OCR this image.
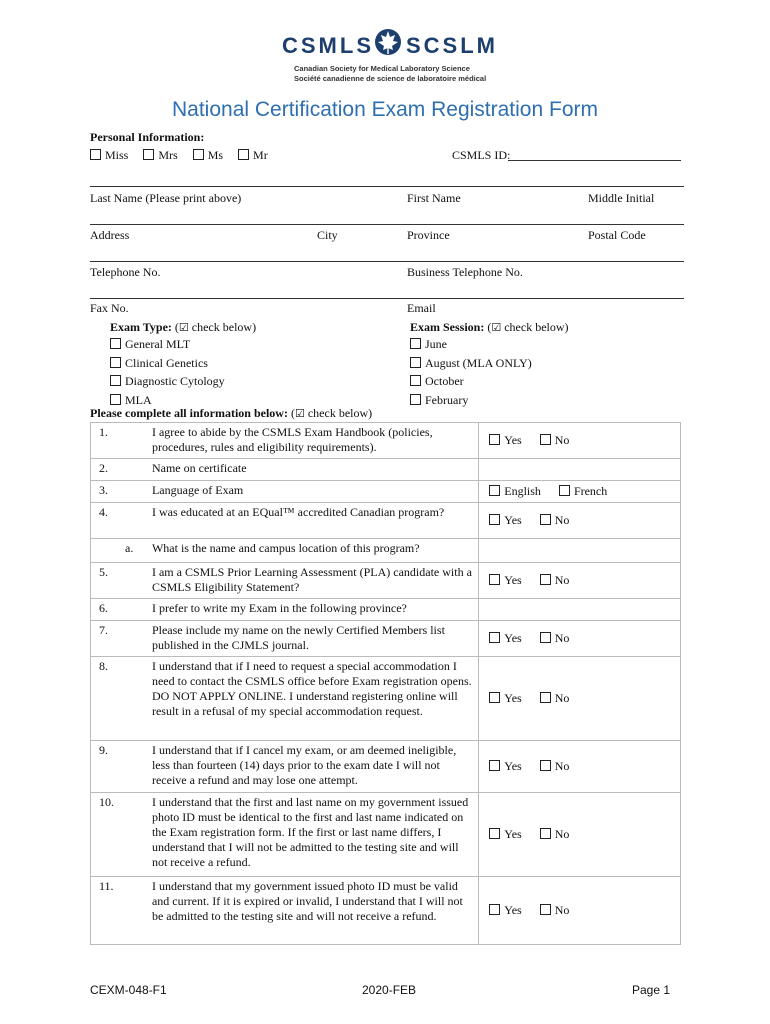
CSMLS SCSLM
Canadian Society for Medical Laboratory Science
Société canadienne de science de laboratoire médical
National Certification Exam Registration Form
Personal Information:
Miss	Mrs	Ms	Mr	CSMLS ID:
Last Name (Please print above)	First Name	Middle Initial
Address	City	Province	Postal Code
Telephone No.	Business Telephone No.
Fax No.	Email
Exam Type: (☑ check below)
General MLT
Clinical Genetics
Diagnostic Cytology
MLA
Exam Session: (☑ check below)
June
August (MLA ONLY)
October
February
Please complete all information below: (☑ check below)
1.	I agree to abide by the CSMLS Exam Handbook (policies, procedures, rules and eligibility requirements).	Yes No
2.	Name on certificate	
3.	Language of Exam	English French
4.	I was educated at an EQual™ accredited Canadian program?	Yes No
a.	What is the name and campus location of this program?	
5.	I am a CSMLS Prior Learning Assessment (PLA) candidate with a CSMLS Eligibility Statement?	Yes No
6.	I prefer to write my Exam in the following province?	
7.	Please include my name on the newly Certified Members list published in the CJMLS journal.	Yes No
8.	I understand that if I need to request a special accommodation I need to contact the CSMLS office before Exam registration opens. DO NOT APPLY ONLINE. I understand registering online will result in a refusal of my special accommodation request.	Yes No
9.	I understand that if I cancel my exam, or am deemed ineligible, less than fourteen (14) days prior to the exam date I will not receive a refund and may lose one attempt.	Yes No
10.	I understand that the first and last name on my government issued photo ID must be identical to the first and last name indicated on the Exam registration form. If the first or last name differs, I understand that I will not be admitted to the testing site and will not receive a refund.	Yes No
11.	I understand that my government issued photo ID must be valid and current. If it is expired or invalid, I understand that I will not be admitted to the testing site and will not receive a refund.	Yes No
CEXM-048-F1	2020-FEB	Page 1
